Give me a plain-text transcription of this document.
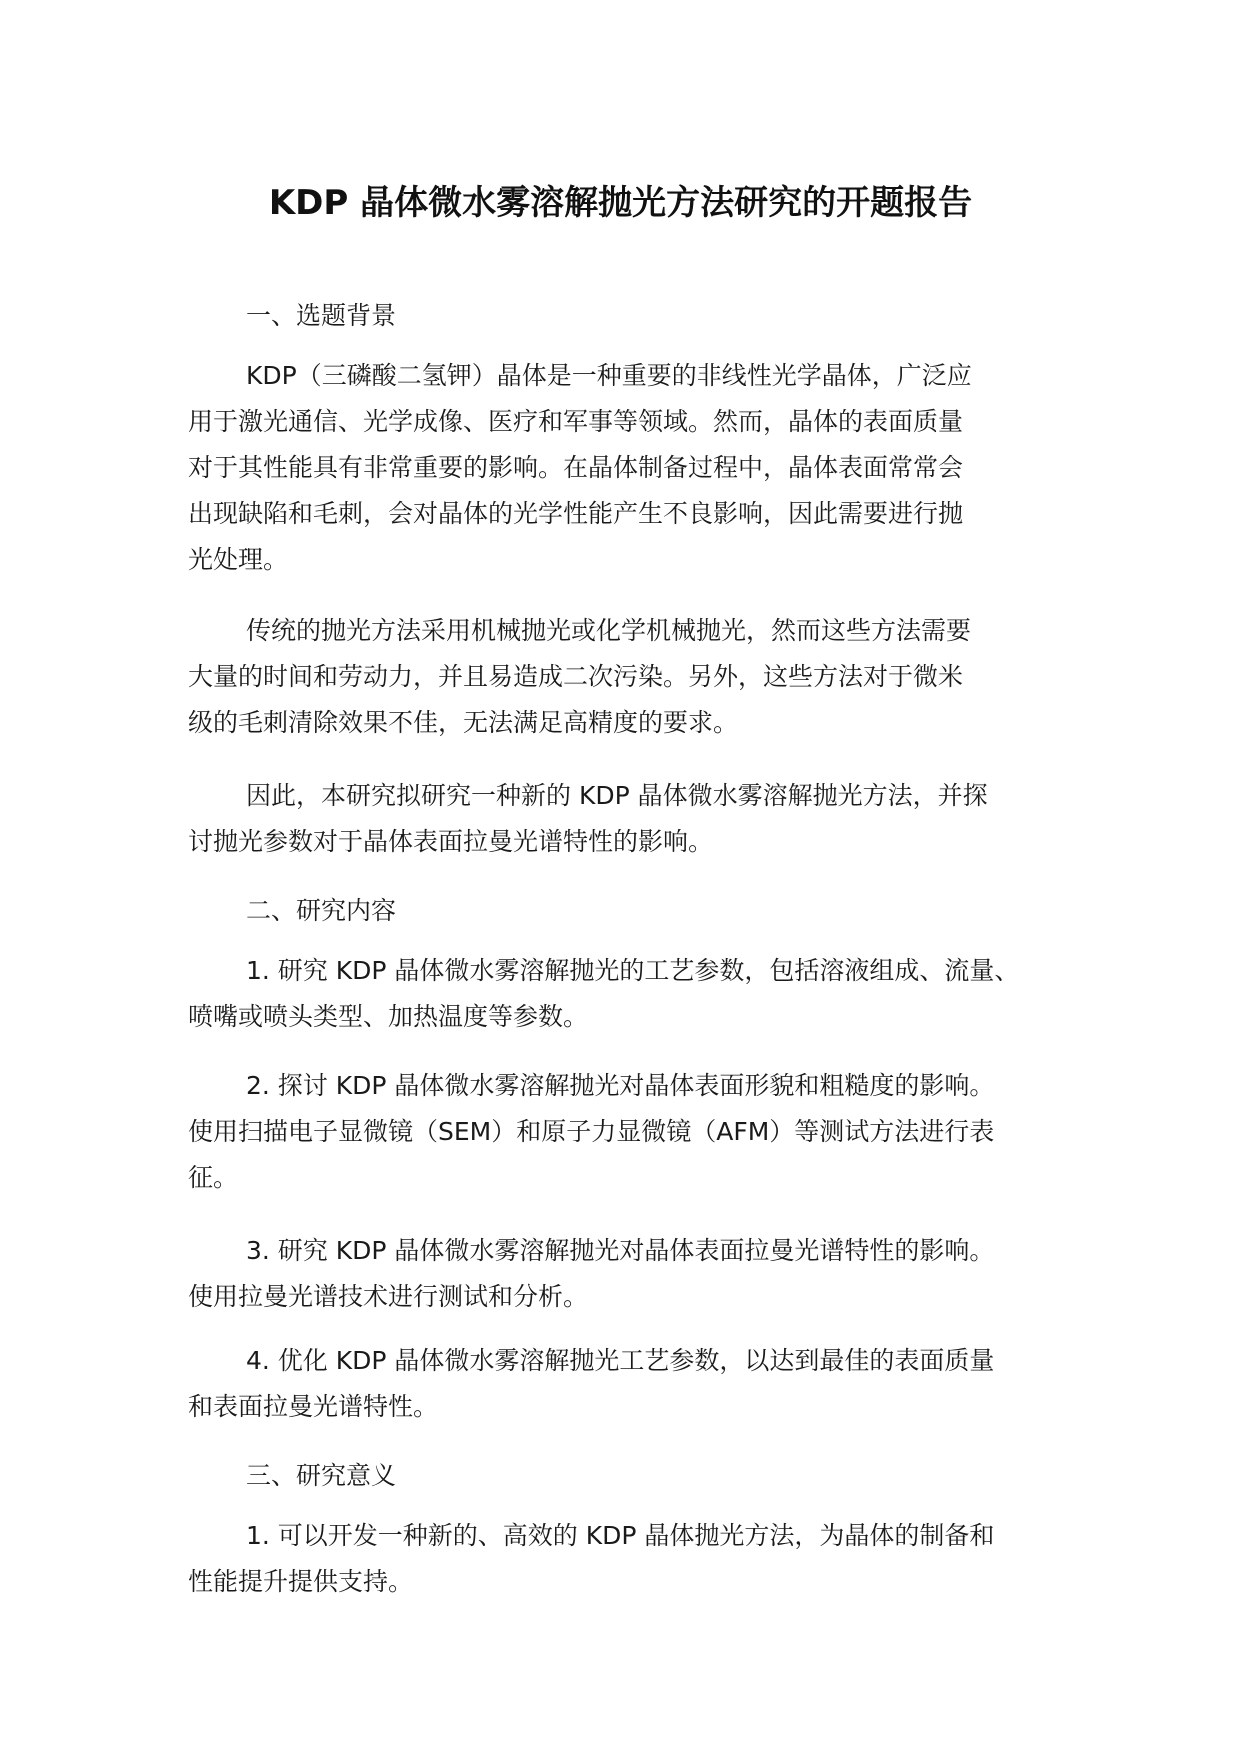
KDP 晶体微水雾溶解抛光方法研究的开题报告
一、选题背景
KDP（三磷酸二氢钾）晶体是一种重要的非线性光学晶体，广泛应
用于激光通信、光学成像、医疗和军事等领域。然而，晶体的表面质量
对于其性能具有非常重要的影响。在晶体制备过程中，晶体表面常常会
出现缺陷和毛刺，会对晶体的光学性能产生不良影响，因此需要进行抛
光处理。
传统的抛光方法采用机械抛光或化学机械抛光，然而这些方法需要
大量的时间和劳动力，并且易造成二次污染。另外，这些方法对于微米
级的毛刺清除效果不佳，无法满足高精度的要求。
因此，本研究拟研究一种新的 KDP 晶体微水雾溶解抛光方法，并探
讨抛光参数对于晶体表面拉曼光谱特性的影响。
二、研究内容
1. 研究 KDP 晶体微水雾溶解抛光的工艺参数，包括溶液组成、流量、
喷嘴或喷头类型、加热温度等参数。
2. 探讨 KDP 晶体微水雾溶解抛光对晶体表面形貌和粗糙度的影响。
使用扫描电子显微镜（SEM）和原子力显微镜（AFM）等测试方法进行表
征。
3. 研究 KDP 晶体微水雾溶解抛光对晶体表面拉曼光谱特性的影响。
使用拉曼光谱技术进行测试和分析。
4. 优化 KDP 晶体微水雾溶解抛光工艺参数，以达到最佳的表面质量
和表面拉曼光谱特性。
三、研究意义
1. 可以开发一种新的、高效的 KDP 晶体抛光方法，为晶体的制备和
性能提升提供支持。
